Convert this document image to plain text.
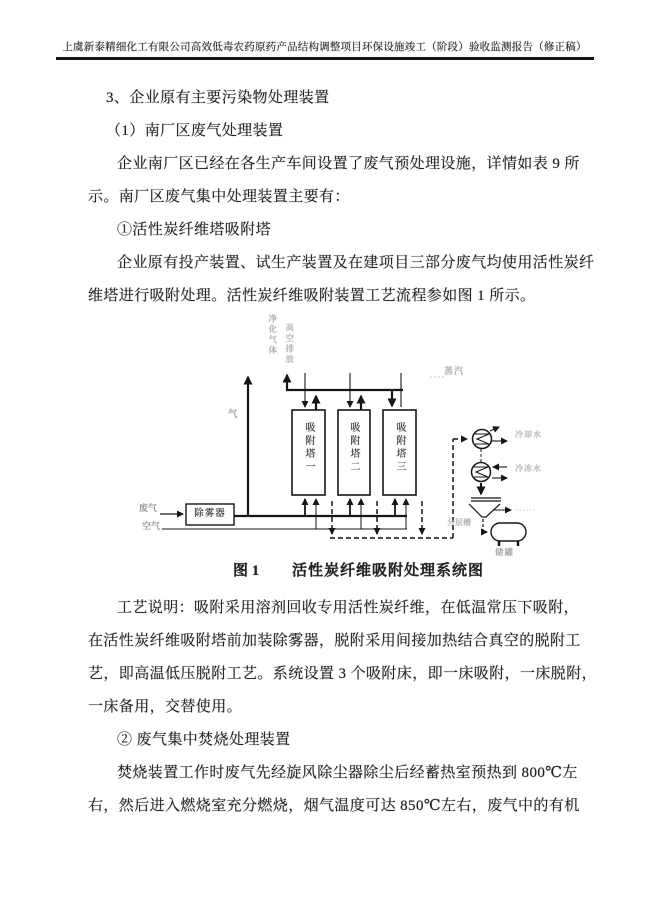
上虞新泰精细化工有限公司高效低毒农药原药产品结构调整项目环保设施竣工（阶段）验收监测报告（修正稿）
3、企业原有主要污染物处理装置
（1）南厂区废气处理装置
企业南厂区已经在各生产车间设置了废气预处理设施，详情如表 9 所
示。南厂区废气集中处理装置主要有：
①活性炭纤维塔吸附塔
企业原有投产装置、试生产装置及在建项目三部分废气均使用活性炭纤
维塔进行吸附处理。活性炭纤维吸附装置工艺流程参如图 1 所示。
净化气体 高空排放
蒸汽
气
废气
空气
除雾器
吸附塔一	吸附塔二	吸附塔三	冷却水
冷冻水
分层槽
储罐
图 1 活性炭纤维吸附处理系统图
工艺说明：吸附采用溶剂回收专用活性炭纤维，在低温常压下吸附，
在活性炭纤维吸附塔前加装除雾器，脱附采用间接加热结合真空的脱附工
艺，即高温低压脱附工艺。系统设置 3 个吸附床，即一床吸附，一床脱附，
一床备用，交替使用。
② 废气集中焚烧处理装置
焚烧装置工作时废气先经旋风除尘器除尘后经蓄热室预热到 800℃左
右，然后进入燃烧室充分燃烧，烟气温度可达 850℃左右，废气中的有机
